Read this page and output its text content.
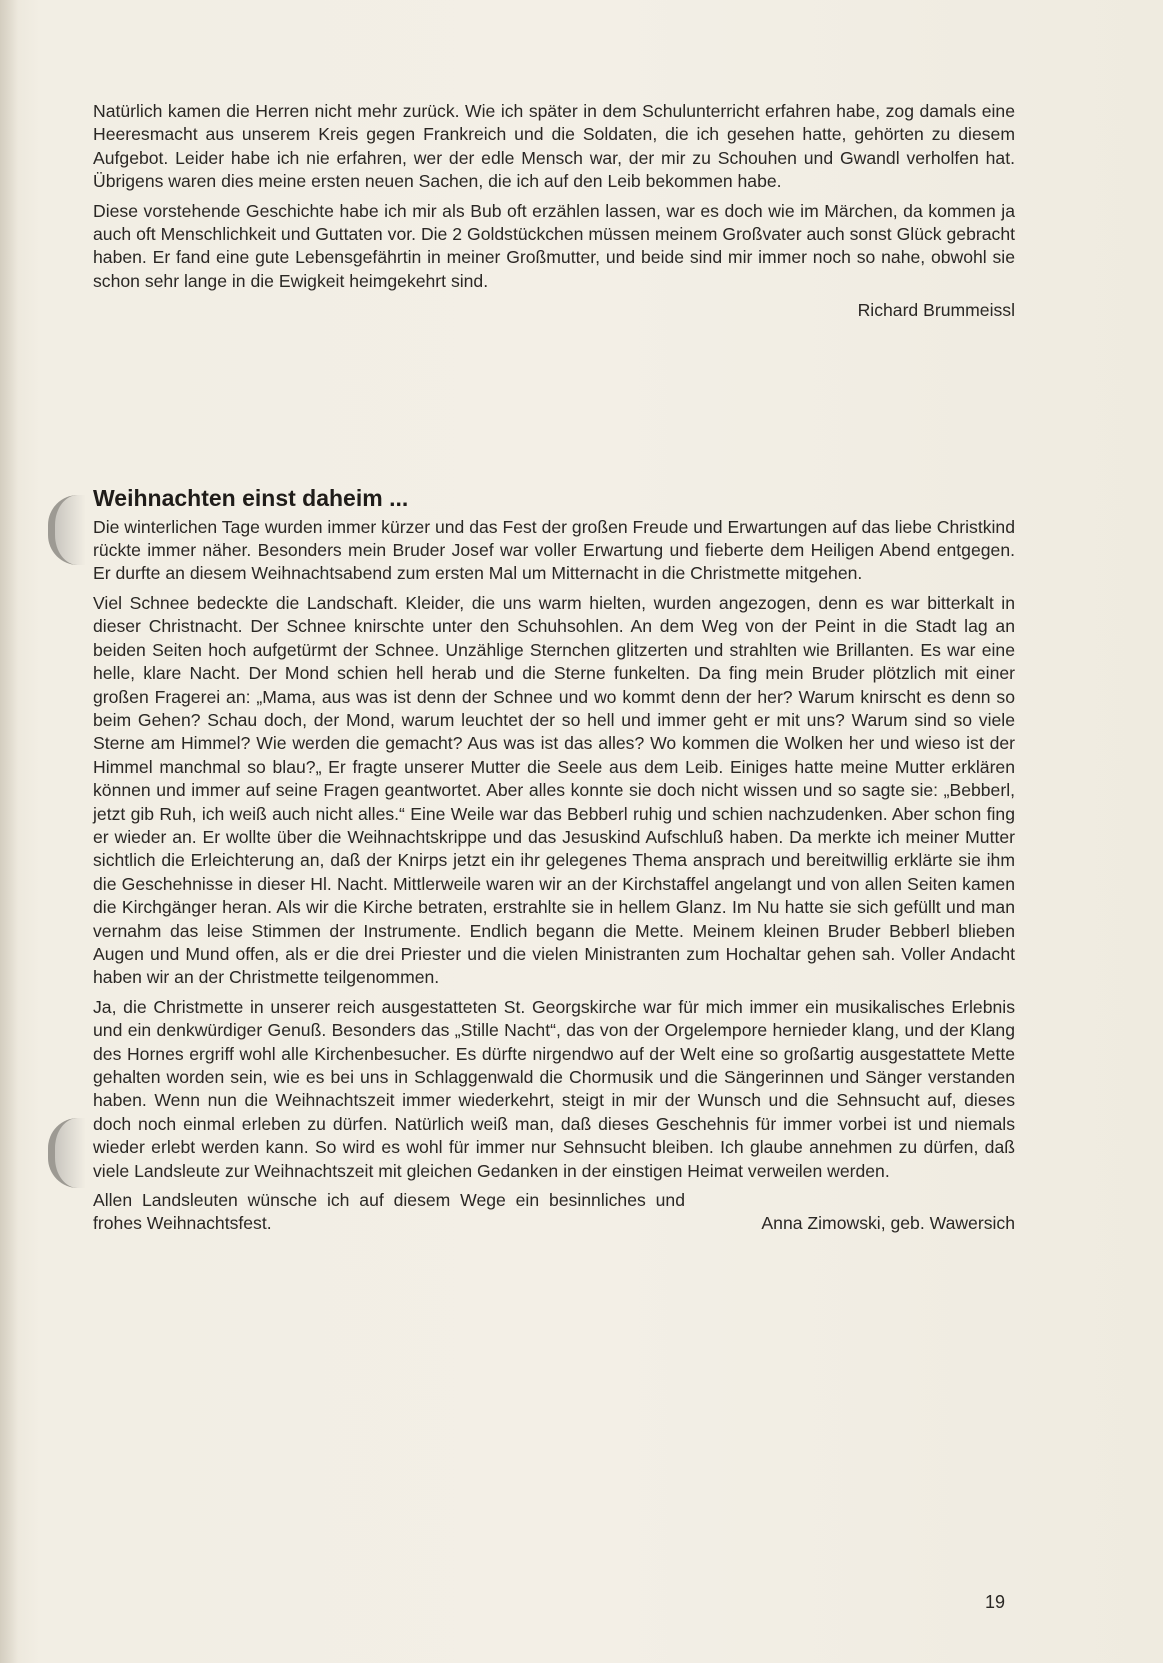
Natürlich kamen die Herren nicht mehr zurück. Wie ich später in dem Schulunterricht erfahren habe, zog damals eine Heeresmacht aus unserem Kreis gegen Frankreich und die Soldaten, die ich gesehen hatte, gehörten zu diesem Aufgebot. Leider habe ich nie erfahren, wer der edle Mensch war, der mir zu Schouhen und Gwandl verholfen hat. Übrigens waren dies meine ersten neuen Sachen, die ich auf den Leib bekommen habe.

Diese vorstehende Geschichte habe ich mir als Bub oft erzählen lassen, war es doch wie im Märchen, da kommen ja auch oft Menschlichkeit und Guttaten vor. Die 2 Goldstückchen müssen meinem Großvater auch sonst Glück gebracht haben. Er fand eine gute Lebensgefährtin in meiner Großmutter, und beide sind mir immer noch so nahe, obwohl sie schon sehr lange in die Ewigkeit heimgekehrt sind.

Richard Brummeissl

Weihnachten einst daheim ...

Die winterlichen Tage wurden immer kürzer und das Fest der großen Freude und Erwartungen auf das liebe Christkind rückte immer näher. Besonders mein Bruder Josef war voller Erwartung und fieberte dem Heiligen Abend entgegen. Er durfte an diesem Weihnachtsabend zum ersten Mal um Mitternacht in die Christmette mitgehen.

Viel Schnee bedeckte die Landschaft. Kleider, die uns warm hielten, wurden angezogen, denn es war bitterkalt in dieser Christnacht. Der Schnee knirschte unter den Schuhsohlen. An dem Weg von der Peint in die Stadt lag an beiden Seiten hoch aufgetürmt der Schnee. Unzählige Sternchen glitzerten und strahlten wie Brillanten. Es war eine helle, klare Nacht. Der Mond schien hell herab und die Sterne funkelten. Da fing mein Bruder plötzlich mit einer großen Fragerei an: „Mama, aus was ist denn der Schnee und wo kommt denn der her? Warum knirscht es denn so beim Gehen? Schau doch, der Mond, warum leuchtet der so hell und immer geht er mit uns? Warum sind so viele Sterne am Himmel? Wie werden die gemacht? Aus was ist das alles? Wo kommen die Wolken her und wieso ist der Himmel manchmal so blau?„ Er fragte unserer Mutter die Seele aus dem Leib. Einiges hatte meine Mutter erklären können und immer auf seine Fragen geantwortet. Aber alles konnte sie doch nicht wissen und so sagte sie: „Bebberl, jetzt gib Ruh, ich weiß auch nicht alles.“ Eine Weile war das Bebberl ruhig und schien nachzudenken. Aber schon fing er wieder an. Er wollte über die Weihnachtskrippe und das Jesuskind Aufschluß haben. Da merkte ich meiner Mutter sichtlich die Erleichterung an, daß der Knirps jetzt ein ihr gelegenes Thema ansprach und bereitwillig erklärte sie ihm die Geschehnisse in dieser Hl. Nacht. Mittlerweile waren wir an der Kirchstaffel angelangt und von allen Seiten kamen die Kirchgänger heran. Als wir die Kirche betraten, erstrahlte sie in hellem Glanz. Im Nu hatte sie sich gefüllt und man vernahm das leise Stimmen der Instrumente. Endlich begann die Mette. Meinem kleinen Bruder Bebberl blieben Augen und Mund offen, als er die drei Priester und die vielen Ministranten zum Hochaltar gehen sah. Voller Andacht haben wir an der Christmette teilgenommen.

Ja, die Christmette in unserer reich ausgestatteten St. Georgskirche war für mich immer ein musikalisches Erlebnis und ein denkwürdiger Genuß. Besonders das „Stille Nacht“, das von der Orgelempore hernieder klang, und der Klang des Hornes ergriff wohl alle Kirchenbesucher. Es dürfte nirgendwo auf der Welt eine so großartig ausgestattete Mette gehalten worden sein, wie es bei uns in Schlaggenwald die Chormusik und die Sängerinnen und Sänger verstanden haben. Wenn nun die Weihnachtszeit immer wiederkehrt, steigt in mir der Wunsch und die Sehnsucht auf, dieses doch noch einmal erleben zu dürfen. Natürlich weiß man, daß dieses Geschehnis für immer vorbei ist und niemals wieder erlebt werden kann. So wird es wohl für immer nur Sehnsucht bleiben. Ich glaube annehmen zu dürfen, daß viele Landsleute zur Weihnachtszeit mit gleichen Gedanken in der einstigen Heimat verweilen werden.

Allen Landsleuten wünsche ich auf diesem Wege ein besinnliches und frohes Weihnachtsfest.	Anna Zimowski, geb. Wawersich
19
